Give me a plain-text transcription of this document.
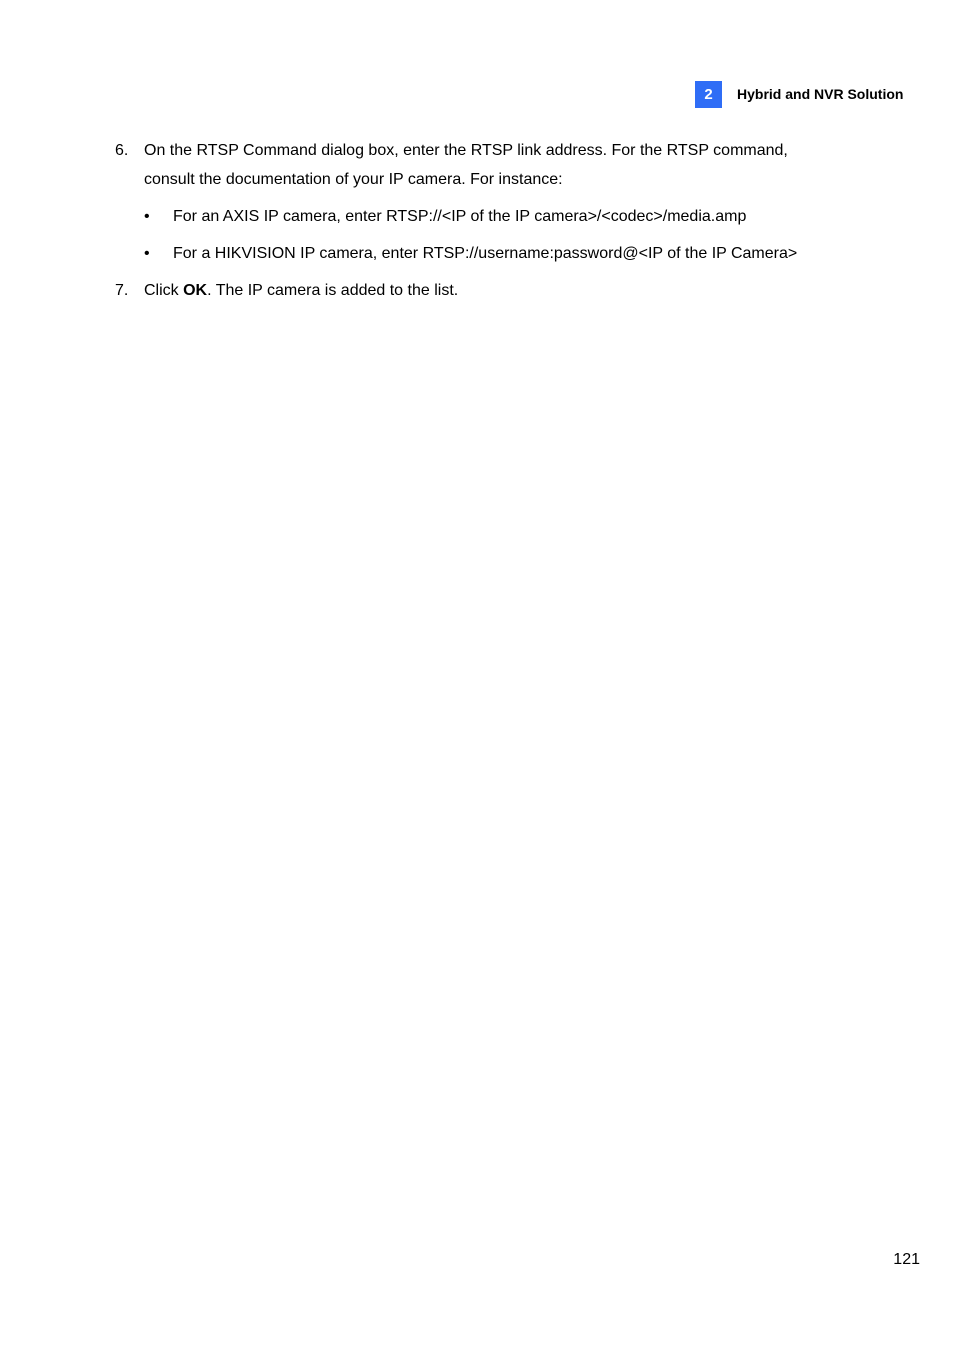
2	Hybrid and NVR Solution
6. On the RTSP Command dialog box, enter the RTSP link address. For the RTSP command, consult the documentation of your IP camera. For instance:
• For an AXIS IP camera, enter RTSP://<IP of the IP camera>/<codec>/media.amp
• For a HIKVISION IP camera, enter RTSP://username:password@<IP of the IP Camera>
7. Click OK. The IP camera is added to the list.
121
